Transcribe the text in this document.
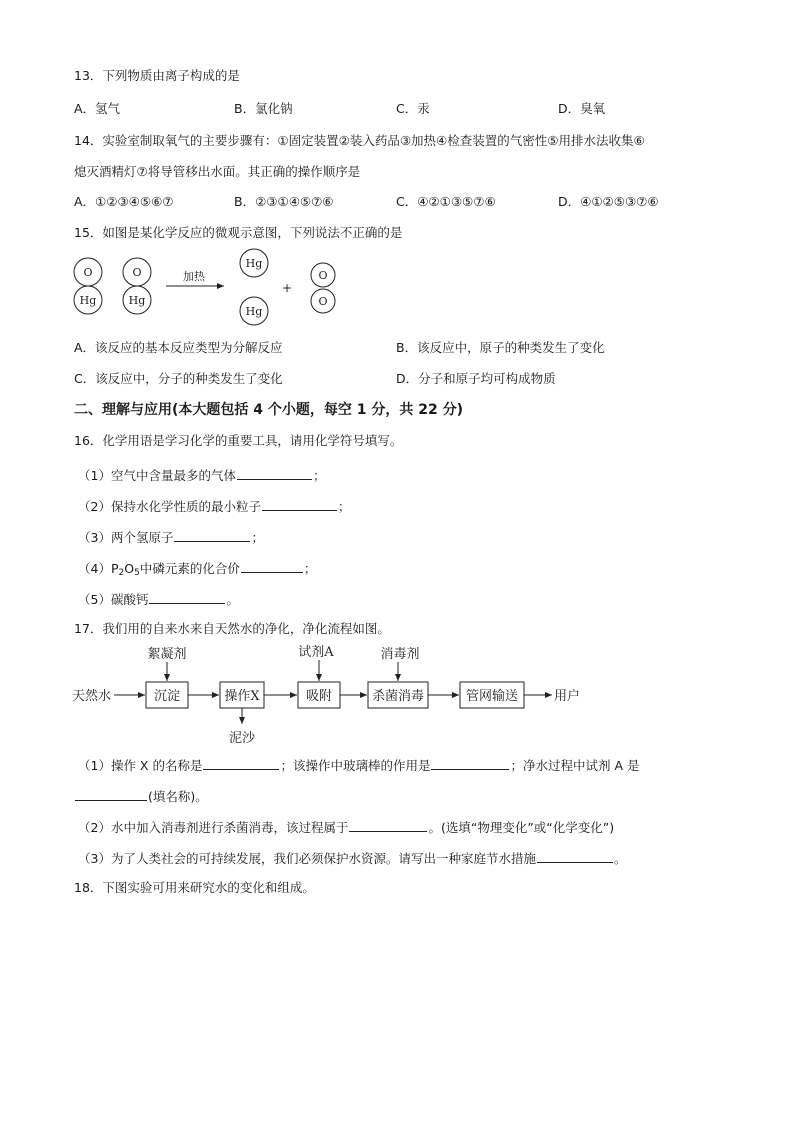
13．下列物质由离子构成的是
A．氢气	B．氯化钠	C．汞	D．臭氧
14．实验室制取氧气的主要步骤有：①固定装置②装入药品③加热④检查装置的气密性⑤用排水法收集⑥
熄灭酒精灯⑦将导管移出水面。其正确的操作顺序是
A．①②③④⑤⑥⑦	B．②③①④⑤⑦⑥	C．④②①③⑤⑦⑥	D．④①②⑤③⑦⑥
15．如图是某化学反应的微观示意图，下列说法不正确的是
O
Hg
O
Hg
Hg
Hg
O
O
加热
+
A．该反应的基本反应类型为分解反应	B．该反应中，原子的种类发生了变化
C．该反应中，分子的种类发生了变化	D．分子和原子均可构成物质
二、理解与应用(本大题包括 4 个小题，每空 1 分，共 22 分)
16．化学用语是学习化学的重要工具，请用化学符号填写。
（1）空气中含量最多的气体	；
（2）保持水化学性质的最小粒子	；
（3）两个氢原子	；
$(4)P_2O_5$中磷元素的化合价	；
（5）碳酸钙	。
17．我们用的自来水来自天然水的净化，净化流程如图。
天然水	沉淀	操作X	吸附	杀菌消毒	管网输送	用户
絮凝剂	试剂A	消毒剂
泥沙
（1）操作 X 的名称是	；该操作中玻璃棒的作用是	；净水过程中试剂 A 是
(填名称)。
（2）水中加入消毒剂进行杀菌消毒，该过程属于	。(选填“物理变化”或“化学变化”)
（3）为了人类社会的可持续发展，我们必须保护水资源。请写出一种家庭节水措施	。
18．下图实验可用来研究水的变化和组成。
